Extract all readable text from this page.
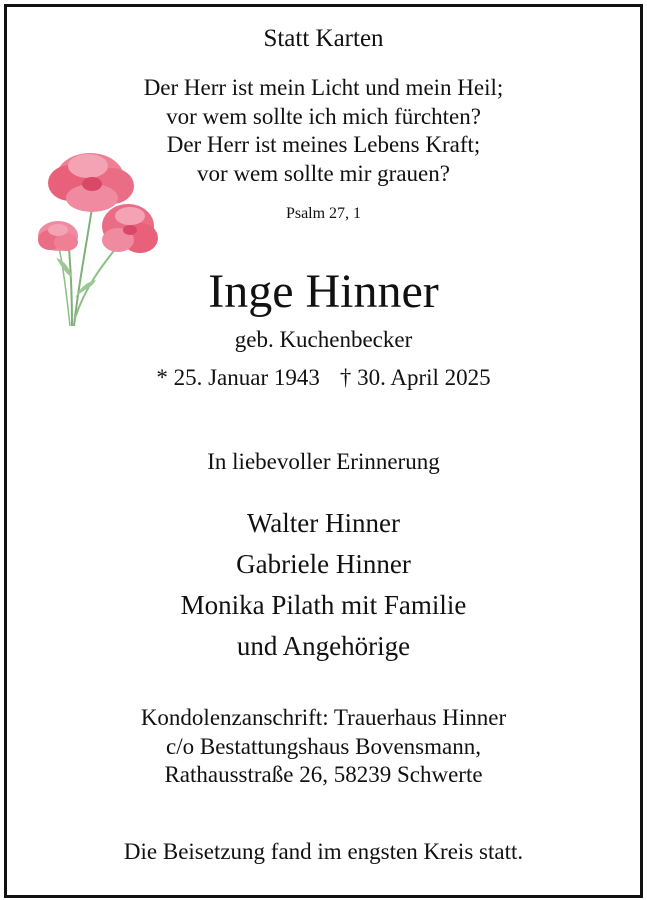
Statt Karten
Der Herr ist mein Licht und mein Heil;
vor wem sollte ich mich fürchten?
Der Herr ist meines Lebens Kraft;
vor wem sollte mir grauen?
Psalm 27, 1
Inge Hinner
geb. Kuchenbecker
* 25. Januar 1943 † 30. April 2025
In liebevoller Erinnerung
Walter Hinner
Gabriele Hinner
Monika Pilath mit Familie
und Angehörige
Kondolenzanschrift: Trauerhaus Hinner
c/o Bestattungshaus Bovensmann,
Rathausstraße 26, 58239 Schwerte
Die Beisetzung fand im engsten Kreis statt.
